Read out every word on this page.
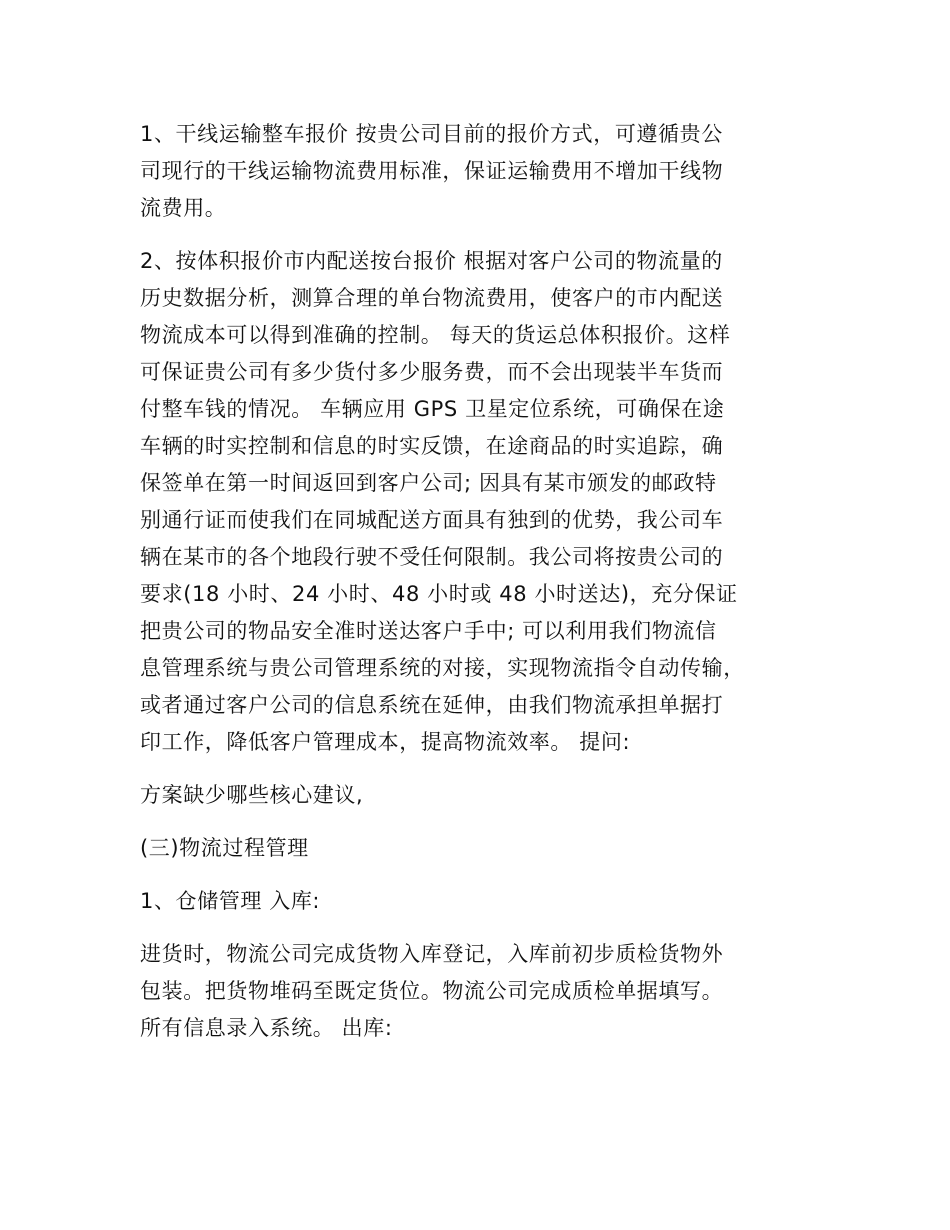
1、干线运输整车报价 按贵公司目前的报价方式，可遵循贵公
司现行的干线运输物流费用标准，保证运输费用不增加干线物
流费用。

2、按体积报价市内配送按台报价 根据对客户公司的物流量的
历史数据分析，测算合理的单台物流费用，使客户的市内配送
物流成本可以得到准确的控制。 每天的货运总体积报价。这样
可保证贵公司有多少货付多少服务费，而不会出现装半车货而
付整车钱的情况。 车辆应用 GPS 卫星定位系统，可确保在途
车辆的时实控制和信息的时实反馈，在途商品的时实追踪，确
保签单在第一时间返回到客户公司; 因具有某市颁发的邮政特
别通行证而使我们在同城配送方面具有独到的优势，我公司车
辆在某市的各个地段行驶不受任何限制。我公司将按贵公司的
要求(18 小时、24 小时、48 小时或 48 小时送达)，充分保证
把贵公司的物品安全准时送达客户手中; 可以利用我们物流信
息管理系统与贵公司管理系统的对接，实现物流指令自动传输，
或者通过客户公司的信息系统在延伸，由我们物流承担单据打
印工作，降低客户管理成本，提高物流效率。 提问:

方案缺少哪些核心建议,

(三)物流过程管理

1、仓储管理 入库:

进货时，物流公司完成货物入库登记，入库前初步质检货物外
包装。把货物堆码至既定货位。物流公司完成质检单据填写。
所有信息录入系统。 出库:
